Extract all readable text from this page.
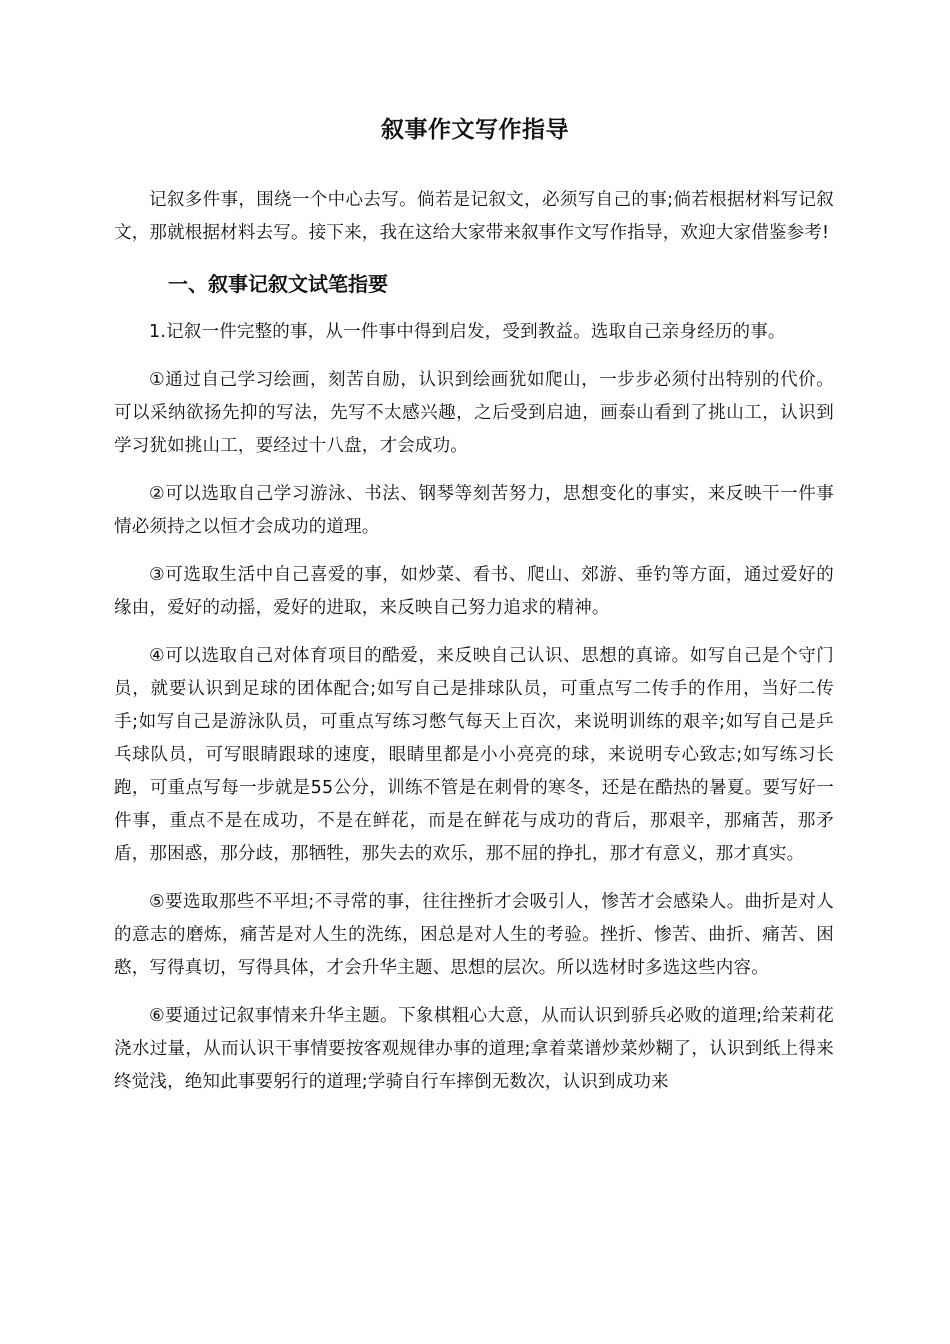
叙事作文写作指导

记叙多件事，围绕一个中心去写。倘若是记叙文，必须写自己的事;倘若根据材料写记叙文，那就根据材料去写。接下来，我在这给大家带来叙事作文写作指导，欢迎大家借鉴参考!

一、叙事记叙文试笔指要

1.记叙一件完整的事，从一件事中得到启发，受到教益。选取自己亲身经历的事。

①通过自己学习绘画，刻苦自励，认识到绘画犹如爬山，一步步必须付出特别的代价。可以采纳欲扬先抑的写法，先写不太感兴趣，之后受到启迪，画泰山看到了挑山工，认识到学习犹如挑山工，要经过十八盘，才会成功。

②可以选取自己学习游泳、书法、钢琴等刻苦努力，思想变化的事实，来反映干一件事情必须持之以恒才会成功的道理。

③可选取生活中自己喜爱的事，如炒菜、看书、爬山、郊游、垂钓等方面，通过爱好的缘由，爱好的动摇，爱好的进取，来反映自己努力追求的精神。

④可以选取自己对体育项目的酷爱，来反映自己认识、思想的真谛。如写自己是个守门员，就要认识到足球的团体配合;如写自己是排球队员，可重点写二传手的作用，当好二传手;如写自己是游泳队员，可重点写练习憋气每天上百次，来说明训练的艰辛;如写自己是乒乓球队员，可写眼睛跟球的速度，眼睛里都是小小亮亮的球，来说明专心致志;如写练习长跑，可重点写每一步就是55公分，训练不管是在刺骨的寒冬，还是在酷热的暑夏。要写好一件事，重点不是在成功，不是在鲜花，而是在鲜花与成功的背后，那艰辛，那痛苦，那矛盾，那困惑，那分歧，那牺牲，那失去的欢乐，那不屈的挣扎，那才有意义，那才真实。

⑤要选取那些不平坦;不寻常的事，往往挫折才会吸引人，惨苦才会感染人。曲折是对人的意志的磨炼，痛苦是对人生的洗练，困总是对人生的考验。挫折、惨苦、曲折、痛苦、困憨，写得真切，写得具体，才会升华主题、思想的层次。所以选材时多选这些内容。

⑥要通过记叙事情来升华主题。下象棋粗心大意，从而认识到骄兵必败的道理;给茉莉花浇水过量，从而认识干事情要按客观规律办事的道理;拿着菜谱炒菜炒糊了，认识到纸上得来终觉浅，绝知此事要躬行的道理;学骑自行车摔倒无数次，认识到成功来
